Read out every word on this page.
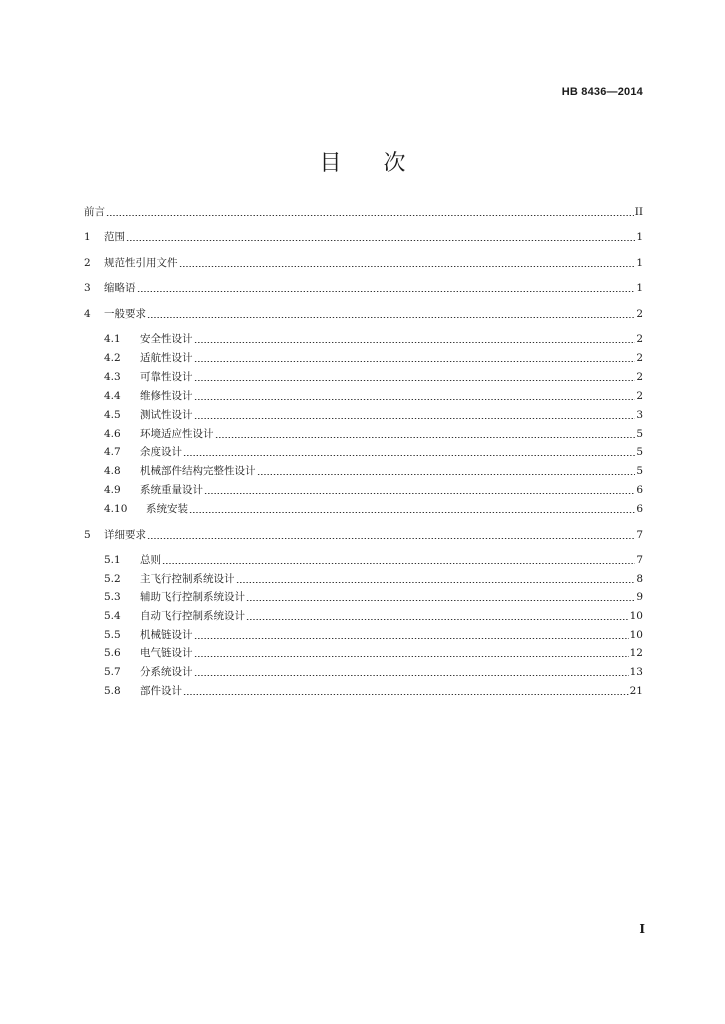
HB 8436—2014
目 次
前言	II
1	范围	1
2	规范性引用文件	1
3	缩略语	1
4	一般要求	2
4.1	安全性设计	2
4.2	适航性设计	2
4.3	可靠性设计	2
4.4	维修性设计	2
4.5	测试性设计	3
4.6	环境适应性设计	5
4.7	余度设计	5
4.8	机械部件结构完整性设计	5
4.9	系统重量设计	6
4.10	系统安装	6
5	详细要求	7
5.1	总则	7
5.2	主飞行控制系统设计	8
5.3	辅助飞行控制系统设计	9
5.4	自动飞行控制系统设计	10
5.5	机械链设计	10
5.6	电气链设计	12
5.7	分系统设计	13
5.8	部件设计	21
I
